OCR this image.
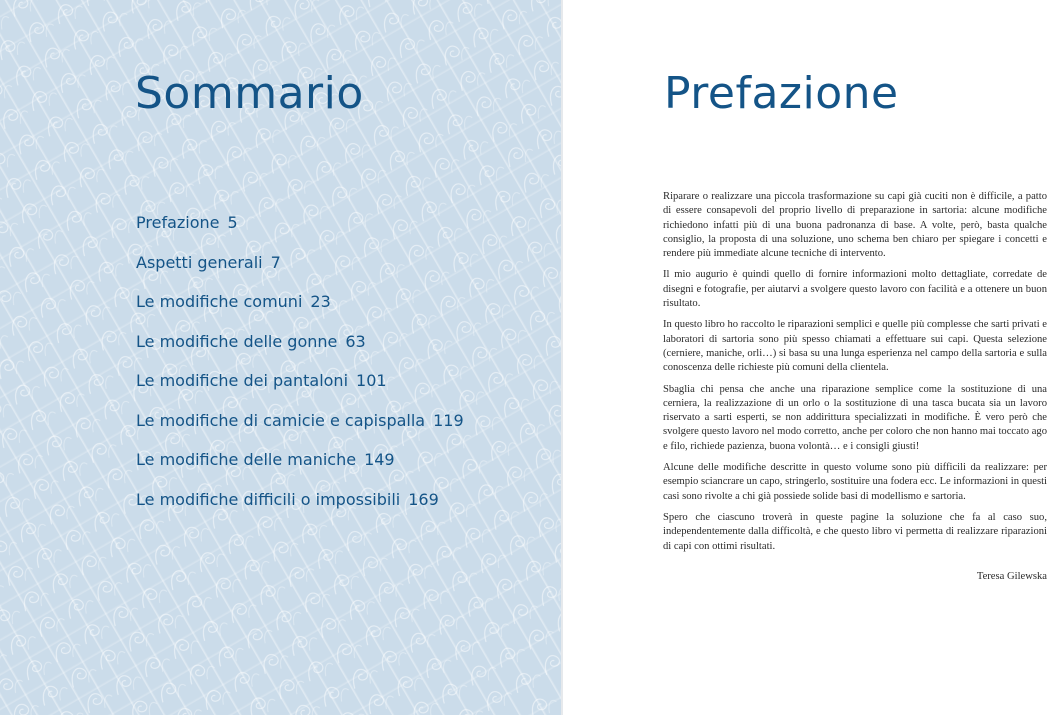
Sommario
Prefazione 5
Aspetti generali 7
Le modifiche comuni 23
Le modifiche delle gonne 63
Le modifiche dei pantaloni 101
Le modifiche di camicie e capispalla 119
Le modifiche delle maniche 149
Le modifiche difficili o impossibili 169
Prefazione

Riparare o realizzare una piccola trasformazione su capi già cuciti non è difficile, a patto di essere consapevoli del proprio livello di preparazione in sartoria: alcune modifiche richiedono infatti più di una buona padronanza di base. A volte, però, basta qualche consiglio, la proposta di una soluzione, uno schema ben chiaro per spiegare i concetti e rendere più immediate alcune tecniche di intervento.

Il mio augurio è quindi quello di fornire informazioni molto dettagliate, corredate de disegni e fotografie, per aiutarvi a svolgere questo lavoro con facilità e a ottenere un buon risultato.

In questo libro ho raccolto le riparazioni semplici e quelle più complesse che sarti privati e laboratori di sartoria sono più spesso chiamati a effettuare sui capi. Questa selezione (cerniere, maniche, orli…) si basa su una lunga esperienza nel campo della sartoria e sulla conoscenza delle richieste più comuni della clientela.

Sbaglia chi pensa che anche una riparazione semplice come la sostituzione di una cerniera, la realizzazione di un orlo o la sostituzione di una tasca bucata sia un lavoro riservato a sarti esperti, se non addirittura specializzati in modifiche. È vero però che svolgere questo lavoro nel modo corretto, anche per coloro che non hanno mai toccato ago e filo, richiede pazienza, buona volontà… e i consigli giusti!

Alcune delle modifiche descritte in questo volume sono più difficili da realizzare: per esempio sciancrare un capo, stringerlo, sostituire una fodera ecc. Le informazioni in questi casi sono rivolte a chi già possiede solide basi di modellismo e sartoria.

Spero che ciascuno troverà in queste pagine la soluzione che fa al caso suo, independentemente dalla difficoltà, e che questo libro vi permetta di realizzare riparazioni di capi con ottimi risultati.

Teresa Gilewska
